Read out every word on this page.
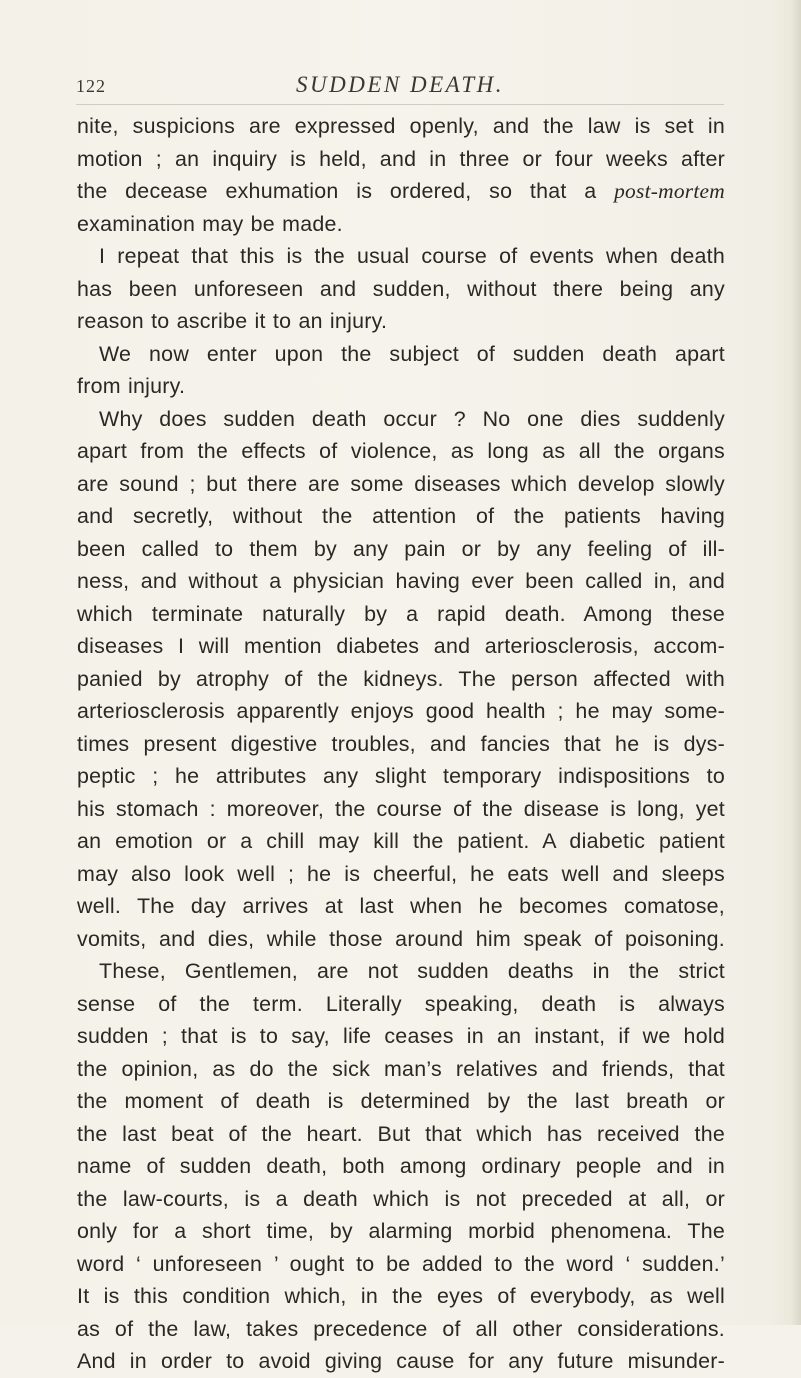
122	SUDDEN DEATH.
nite, suspicions are expressed openly, and the law is set in
motion ; an inquiry is held, and in three or four weeks after
the decease exhumation is ordered, so that a post-mortem
examination may be made.
I repeat that this is the usual course of events when death
has been unforeseen and sudden, without there being any
reason to ascribe it to an injury.
We now enter upon the subject of sudden death apart
from injury.
Why does sudden death occur ? No one dies suddenly
apart from the effects of violence, as long as all the organs
are sound ; but there are some diseases which develop slowly
and secretly, without the attention of the patients having
been called to them by any pain or by any feeling of ill-
ness, and without a physician having ever been called in, and
which terminate naturally by a rapid death. Among these
diseases I will mention diabetes and arteriosclerosis, accom-
panied by atrophy of the kidneys. The person affected with
arteriosclerosis apparently enjoys good health ; he may some-
times present digestive troubles, and fancies that he is dys-
peptic ; he attributes any slight temporary indispositions to
his stomach : moreover, the course of the disease is long, yet
an emotion or a chill may kill the patient. A diabetic patient
may also look well ; he is cheerful, he eats well and sleeps
well. The day arrives at last when he becomes comatose,
vomits, and dies, while those around him speak of poisoning.
These, Gentlemen, are not sudden deaths in the strict
sense of the term. Literally speaking, death is always
sudden ; that is to say, life ceases in an instant, if we hold
the opinion, as do the sick man’s relatives and friends, that
the moment of death is determined by the last breath or
the last beat of the heart. But that which has received the
name of sudden death, both among ordinary people and in
the law-courts, is a death which is not preceded at all, or
only for a short time, by alarming morbid phenomena. The
word ‘ unforeseen ’ ought to be added to the word ‘ sudden.’
It is this condition which, in the eyes of everybody, as well
as of the law, takes precedence of all other considerations.
And in order to avoid giving cause for any future misunder-
